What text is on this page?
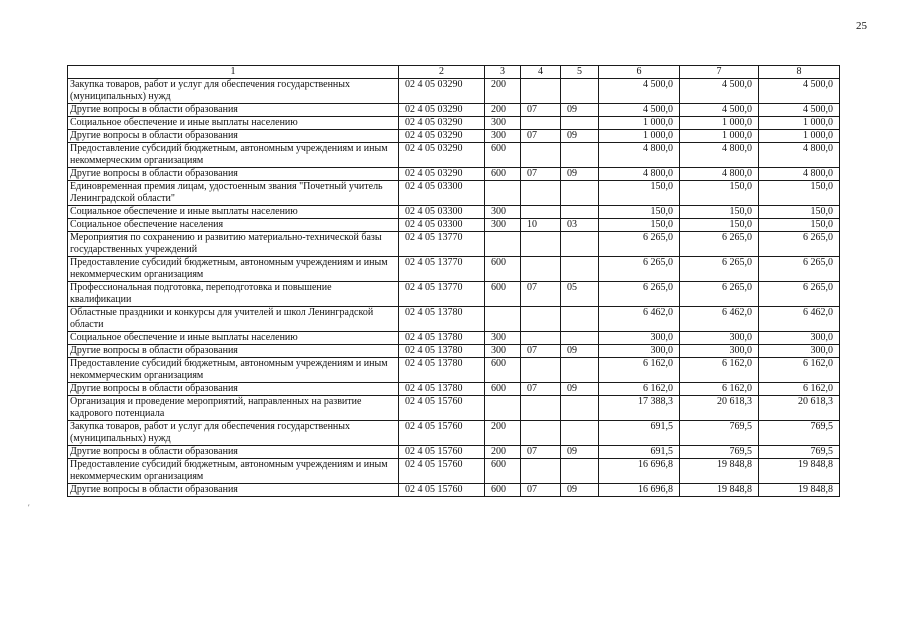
25
′
1	2	3	4	5	6	7	8
Закупка товаров, работ и услуг для обеспечения государственных (муниципальных) нужд	02 4 05 03290	200			4 500,0	4 500,0	4 500,0
Другие вопросы в области образования	02 4 05 03290	200	07	09	4 500,0	4 500,0	4 500,0
Социальное обеспечение и иные выплаты населению	02 4 05 03290	300			1 000,0	1 000,0	1 000,0
Другие вопросы в области образования	02 4 05 03290	300	07	09	1 000,0	1 000,0	1 000,0
Предоставление субсидий бюджетным, автономным учреждениям и иным некоммерческим организациям	02 4 05 03290	600			4 800,0	4 800,0	4 800,0
Другие вопросы в области образования	02 4 05 03290	600	07	09	4 800,0	4 800,0	4 800,0
Единовременная премия лицам, удостоенным звания "Почетный учитель Ленинградской области"	02 4 05 03300				150,0	150,0	150,0
Социальное обеспечение и иные выплаты населению	02 4 05 03300	300			150,0	150,0	150,0
Социальное обеспечение населения	02 4 05 03300	300	10	03	150,0	150,0	150,0
Мероприятия по сохранению и развитию материально-технической базы государственных учреждений	02 4 05 13770				6 265,0	6 265,0	6 265,0
Предоставление субсидий бюджетным, автономным учреждениям и иным некоммерческим организациям	02 4 05 13770	600			6 265,0	6 265,0	6 265,0
Профессиональная подготовка, переподготовка и повышение квалификации	02 4 05 13770	600	07	05	6 265,0	6 265,0	6 265,0
Областные праздники и конкурсы для учителей и школ Ленинградской области	02 4 05 13780				6 462,0	6 462,0	6 462,0
Социальное обеспечение и иные выплаты населению	02 4 05 13780	300			300,0	300,0	300,0
Другие вопросы в области образования	02 4 05 13780	300	07	09	300,0	300,0	300,0
Предоставление субсидий бюджетным, автономным учреждениям и иным некоммерческим организациям	02 4 05 13780	600			6 162,0	6 162,0	6 162,0
Другие вопросы в области образования	02 4 05 13780	600	07	09	6 162,0	6 162,0	6 162,0
Организация и проведение мероприятий, направленных на развитие кадрового потенциала	02 4 05 15760				17 388,3	20 618,3	20 618,3
Закупка товаров, работ и услуг для обеспечения государственных (муниципальных) нужд	02 4 05 15760	200			691,5	769,5	769,5
Другие вопросы в области образования	02 4 05 15760	200	07	09	691,5	769,5	769,5
Предоставление субсидий бюджетным, автономным учреждениям и иным некоммерческим организациям	02 4 05 15760	600			16 696,8	19 848,8	19 848,8
Другие вопросы в области образования	02 4 05 15760	600	07	09	16 696,8	19 848,8	19 848,8
